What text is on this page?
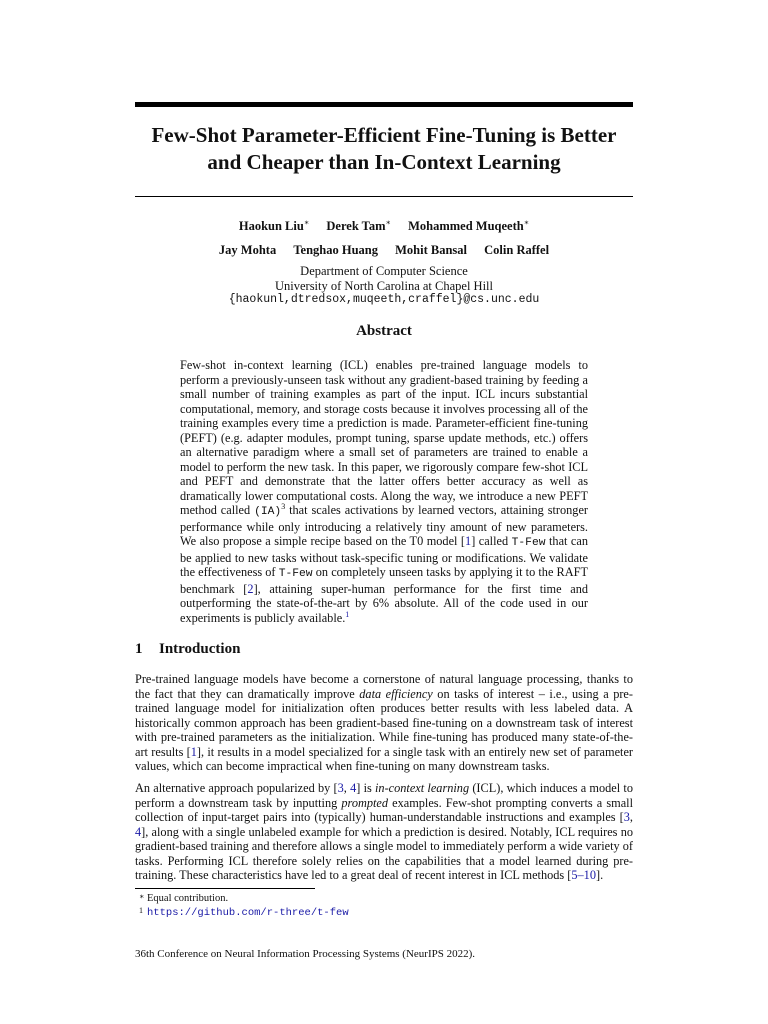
Few-Shot Parameter-Efficient Fine-Tuning is Better
and Cheaper than In-Context Learning
Haokun Liu∗ Derek Tam∗ Mohammed Muqeeth∗
Jay Mohta Tenghao Huang Mohit Bansal Colin Raffel
Department of Computer Science
University of North Carolina at Chapel Hill
{haokunl,dtredsox,muqeeth,craffel}@cs.unc.edu
Abstract
Few-shot in-context learning (ICL) enables pre-trained language models to perform a previously-unseen task without any gradient-based training by feeding a small number of training examples as part of the input. ICL incurs substantial computational, memory, and storage costs because it involves processing all of the training examples every time a prediction is made. Parameter-efficient fine-tuning (PEFT) (e.g. adapter modules, prompt tuning, sparse update methods, etc.) offers an alternative paradigm where a small set of parameters are trained to enable a model to perform the new task. In this paper, we rigorously compare few-shot ICL and PEFT and demonstrate that the latter offers better accuracy as well as dramatically lower computational costs. Along the way, we introduce a new PEFT method called (IA)$^3$ that scales activations by learned vectors, attaining stronger performance while only introducing a relatively tiny amount of new parameters. We also propose a simple recipe based on the T0 model [1] called T-Few that can be applied to new tasks without task-specific tuning or modifications. We validate the effectiveness of T-Few on completely unseen tasks by applying it to the RAFT benchmark [2], attaining super-human performance for the first time and outperforming the state-of-the-art by 6% absolute. All of the code used in our experiments is publicly available.$^1$
1 Introduction
Pre-trained language models have become a cornerstone of natural language processing, thanks to the fact that they can dramatically improve data efficiency on tasks of interest – i.e., using a pre-trained language model for initialization often produces better results with less labeled data. A historically common approach has been gradient-based fine-tuning on a downstream task of interest with pre-trained parameters as the initialization. While fine-tuning has produced many state-of-the-art results [1], it results in a model specialized for a single task with an entirely new set of parameter values, which can become impractical when fine-tuning on many downstream tasks.
An alternative approach popularized by [3, 4] is in-context learning (ICL), which induces a model to perform a downstream task by inputting prompted examples. Few-shot prompting converts a small collection of input-target pairs into (typically) human-understandable instructions and examples [3, 4], along with a single unlabeled example for which a prediction is desired. Notably, ICL requires no gradient-based training and therefore allows a single model to immediately perform a wide variety of tasks. Performing ICL therefore solely relies on the capabilities that a model learned during pre-training. These characteristics have led to a great deal of recent interest in ICL methods [5–10].
∗ Equal contribution.
1 https://github.com/r-three/t-few
36th Conference on Neural Information Processing Systems (NeurIPS 2022).
